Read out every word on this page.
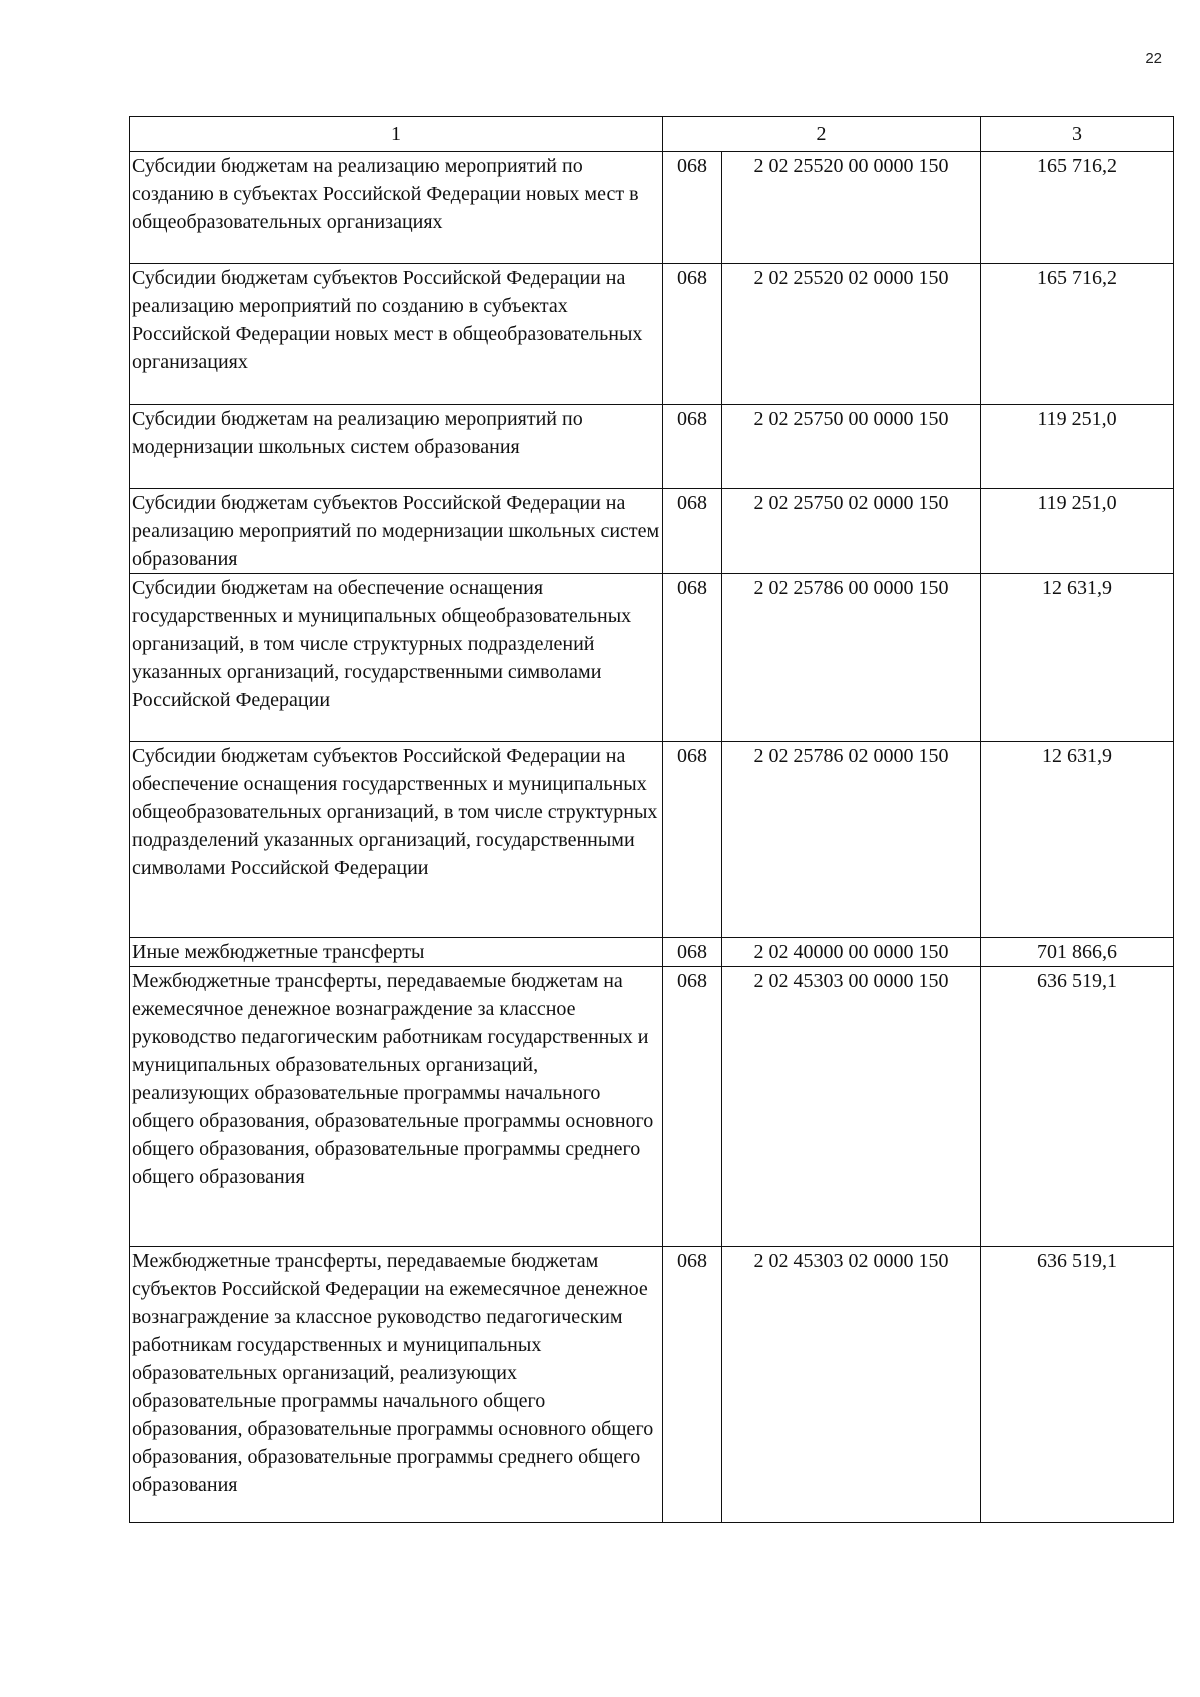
22
1	2		3
Субсидии бюджетам на реализацию мероприятий по созданию в субъектах Российской Федерации новых мест в общеобразовательных организациях	068	2 02 25520 00 0000 150	165 716,2
Субсидии бюджетам субъектов Российской Федерации на реализацию мероприятий по созданию в субъектах Российской Федерации новых мест в общеобразовательных организациях	068	2 02 25520 02 0000 150	165 716,2
Субсидии бюджетам на реализацию мероприятий по модернизации школьных систем образования	068	2 02 25750 00 0000 150	119 251,0
Субсидии бюджетам субъектов Российской Федерации на реализацию мероприятий по модернизации школьных систем образования	068	2 02 25750 02 0000 150	119 251,0
Субсидии бюджетам на обеспечение оснащения государственных и муниципальных общеобразовательных организаций, в том числе структурных подразделений указанных организаций, государственными символами Российской Федерации	068	2 02 25786 00 0000 150	12 631,9
Субсидии бюджетам субъектов Российской Федерации на обеспечение оснащения государственных и муниципальных общеобразовательных организаций, в том числе структурных подразделений указанных организаций, государственными символами Российской Федерации	068	2 02 25786 02 0000 150	12 631,9
Иные межбюджетные трансферты	068	2 02 40000 00 0000 150	701 866,6
Межбюджетные трансферты, передаваемые бюджетам на ежемесячное денежное вознаграждение за классное руководство педагогическим работникам государственных и муниципальных образовательных организаций, реализующих образовательные программы начального общего образования, образовательные программы основного общего образования, образовательные программы среднего общего образования	068	2 02 45303 00 0000 150	636 519,1
Межбюджетные трансферты, передаваемые бюджетам субъектов Российской Федерации на ежемесячное денежное вознаграждение за классное руководство педагогическим работникам государственных и муниципальных образовательных организаций, реализующих образовательные программы начального общего образования, образовательные программы основного общего образования, образовательные программы среднего общего образования	068	2 02 45303 02 0000 150	636 519,1
